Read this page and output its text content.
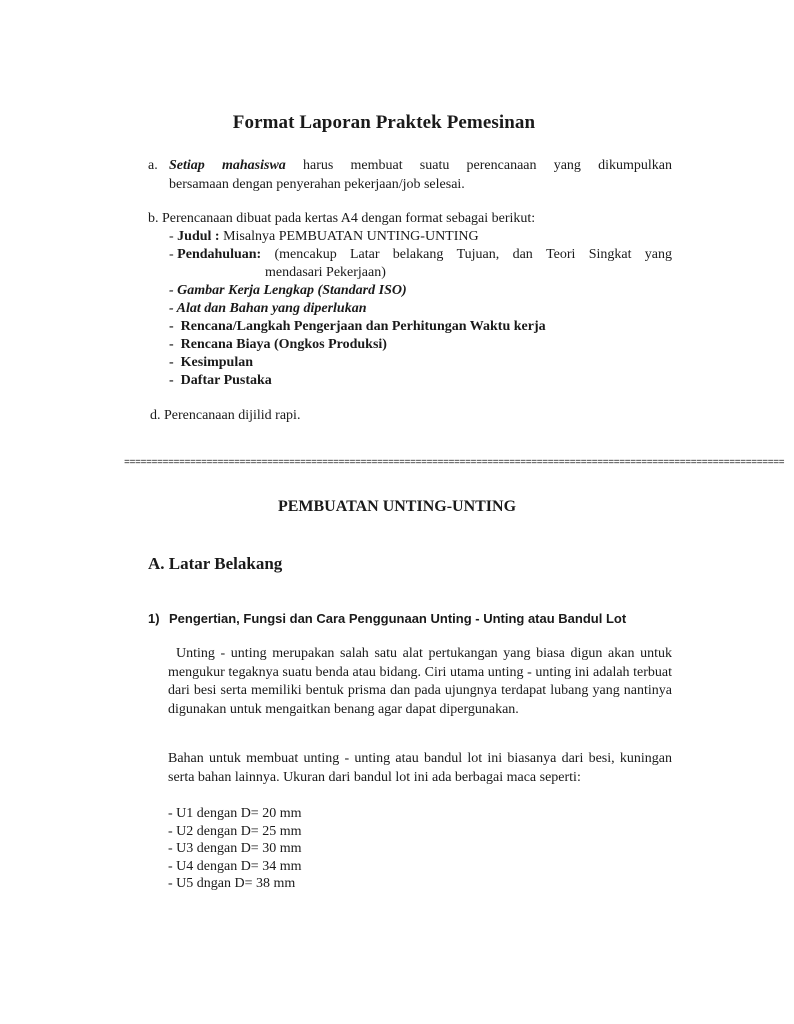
Format Laporan Praktek Pemesinan
a. Setiap mahasiswa harus membuat suatu perencanaan yang dikumpulkan
bersamaan dengan penyerahan pekerjaan/job selesai.
b. Perencanaan dibuat pada kertas A4 dengan format sebagai berikut:
- Judul : Misalnya PEMBUATAN UNTING-UNTING
- Pendahuluan: (mencakup Latar belakang Tujuan, dan Teori Singkat yang
mendasari Pekerjaan)
- Gambar Kerja Lengkap (Standard ISO)
- Alat dan Bahan yang diperlukan
-  Rencana/Langkah Pengerjaan dan Perhitungan Waktu kerja
-  Rencana Biaya (Ongkos Produksi)
-  Kesimpulan
-  Daftar Pustaka
d. Perencanaan dijilid rapi.
========================================================================================================================
PEMBUATAN UNTING-UNTING
A. Latar Belakang
1) Pengertian, Fungsi dan Cara Penggunaan Unting - Unting atau Bandul Lot
Unting - unting merupakan salah satu alat pertukangan yang biasa digun akan untuk mengukur tegaknya suatu benda atau bidang. Ciri utama unting - unting ini adalah terbuat dari besi serta memiliki bentuk prisma dan pada ujungnya terdapat lubang yang nantinya digunakan untuk mengaitkan benang agar dapat dipergunakan.
Bahan untuk membuat unting - unting atau bandul lot ini biasanya dari besi, kuningan serta bahan lainnya. Ukuran dari bandul lot ini ada berbagai maca seperti:
- U1 dengan D= 20 mm
- U2 dengan D= 25 mm
- U3 dengan D= 30 mm
- U4 dengan D= 34 mm
- U5 dngan D= 38 mm
